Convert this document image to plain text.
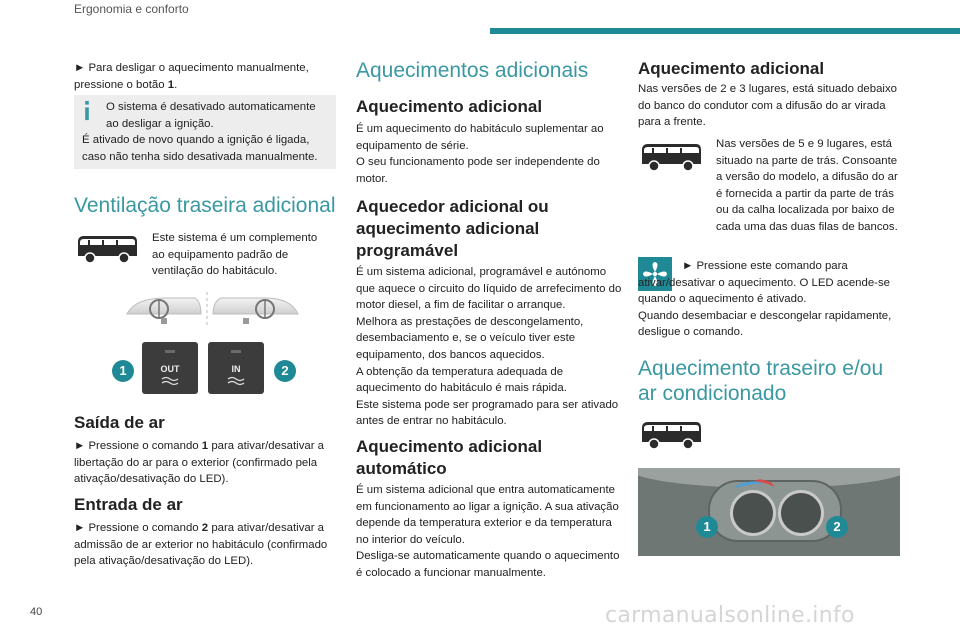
Ergonomia e conforto

► Para desligar o aquecimento manualmente, pressione o botão 1.

O sistema é desativado automaticamente
ao desligar a ignição.
É ativado de novo quando a ignição é ligada,
caso não tenha sido desativada manualmente.
Ventilação traseira adicional
Este sistema é um complemento ao equipamento padrão de ventilação do habitáculo.
OUT	IN
1	2
Saída de ar

► Pressione o comando 1 para ativar/desativar a libertação do ar para o exterior (confirmado pela ativação/desativação do LED).

Entrada de ar

► Pressione o comando 2 para ativar/desativar a admissão de ar exterior no habitáculo (confirmado pela ativação/desativação do LED).

Aquecimentos adicionais
Aquecimento adicional

É um aquecimento do habitáculo suplementar ao equipamento de série.
O seu funcionamento pode ser independente do motor.

Aquecedor adicional ou aquecimento adicional programável

É um sistema adicional, programável e autónomo que aquece o circuito do líquido de arrefecimento do motor diesel, a fim de facilitar o arranque.
Melhora as prestações de descongelamento, desembaciamento e, se o veículo tiver este equipamento, dos bancos aquecidos.
A obtenção da temperatura adequada de aquecimento do habitáculo é mais rápida.
Este sistema pode ser programado para ser ativado antes de entrar no habitáculo.

Aquecimento adicional automático

É um sistema adicional que entra automaticamente em funcionamento ao ligar a ignição. A sua ativação depende da temperatura exterior e da temperatura no interior do veículo.
Desliga-se automaticamente quando o aquecimento é colocado a funcionar manualmente.

Aquecimento adicional

Nas versões de 2 e 3 lugares, está situado debaixo do banco do condutor com a difusão do ar virada para a frente.

Nas versões de 5 e 9 lugares, está situado na parte de trás. Consoante a versão do modelo, a difusão do ar é fornecida a partir da parte de trás ou da calha localizada por baixo de cada uma das duas filas de bancos.

► Pressione este comando para ativar/desativar o aquecimento. O LED acende-se quando o aquecimento é ativado.
Quando desembaciar e descongelar rapidamente, desligue o comando.

Aquecimento traseiro e/ou ar condicionado
1	2
40	carmanualsonline.info
